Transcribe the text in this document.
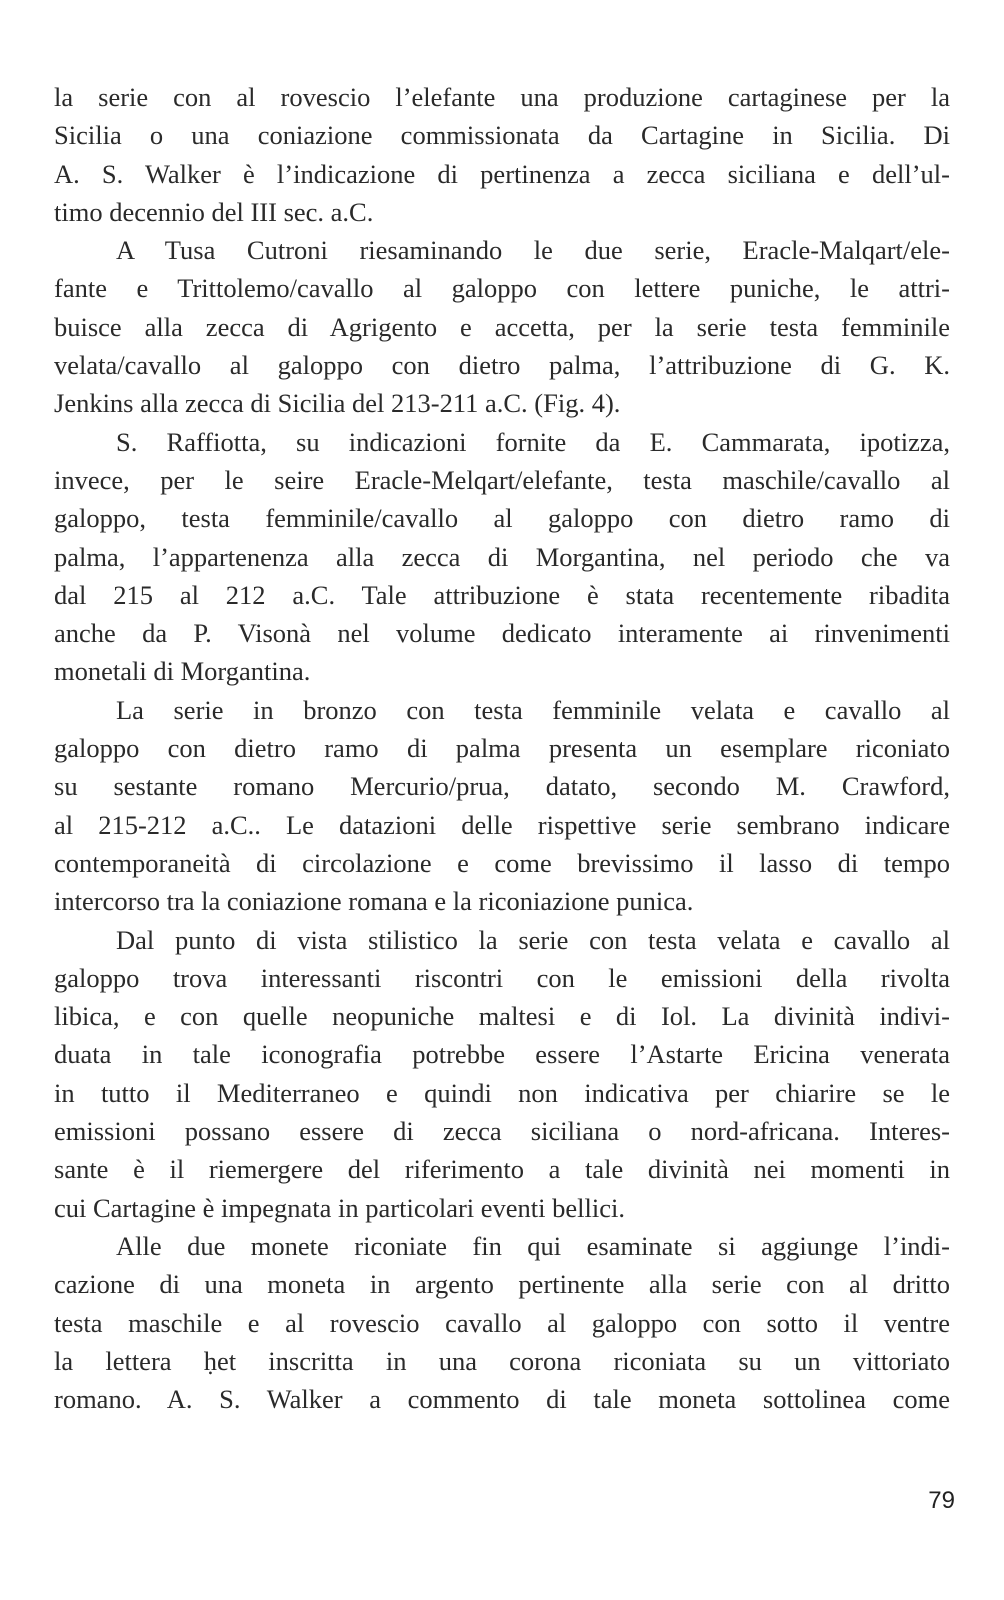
la serie con al rovescio l’elefante una produzione cartaginese per la
Sicilia o una coniazione commissionata da Cartagine in Sicilia. Di
A. S. Walker è l’indicazione di pertinenza a zecca siciliana e dell’ul-
timo decennio del III sec. a.C.
A Tusa Cutroni riesaminando le due serie, Eracle-Malqart/ele-
fante e Trittolemo/cavallo al galoppo con lettere puniche, le attri-
buisce alla zecca di Agrigento e accetta, per la serie testa femminile
velata/cavallo al galoppo con dietro palma, l’attribuzione di G. K.
Jenkins alla zecca di Sicilia del 213-211 a.C. (Fig. 4).
S. Raffiotta, su indicazioni fornite da E. Cammarata, ipotizza,
invece, per le seire Eracle-Melqart/elefante, testa maschile/cavallo al
galoppo, testa femminile/cavallo al galoppo con dietro ramo di
palma, l’appartenenza alla zecca di Morgantina, nel periodo che va
dal 215 al 212 a.C. Tale attribuzione è stata recentemente ribadita
anche da P. Visonà nel volume dedicato interamente ai rinvenimenti
monetali di Morgantina.
La serie in bronzo con testa femminile velata e cavallo al
galoppo con dietro ramo di palma presenta un esemplare riconiato
su sestante romano Mercurio/prua, datato, secondo M. Crawford,
al 215-212 a.C.. Le datazioni delle rispettive serie sembrano indicare
contemporaneità di circolazione e come brevissimo il lasso di tempo
intercorso tra la coniazione romana e la riconiazione punica.
Dal punto di vista stilistico la serie con testa velata e cavallo al
galoppo trova interessanti riscontri con le emissioni della rivolta
libica, e con quelle neopuniche maltesi e di Iol. La divinità indivi-
duata in tale iconografia potrebbe essere l’Astarte Ericina venerata
in tutto il Mediterraneo e quindi non indicativa per chiarire se le
emissioni possano essere di zecca siciliana o nord-africana. Interes-
sante è il riemergere del riferimento a tale divinità nei momenti in
cui Cartagine è impegnata in particolari eventi bellici.
Alle due monete riconiate fin qui esaminate si aggiunge l’indi-
cazione di una moneta in argento pertinente alla serie con al dritto
testa maschile e al rovescio cavallo al galoppo con sotto il ventre
la lettera ḥet inscritta in una corona riconiata su un vittoriato
romano. A. S. Walker a commento di tale moneta sottolinea come
79
